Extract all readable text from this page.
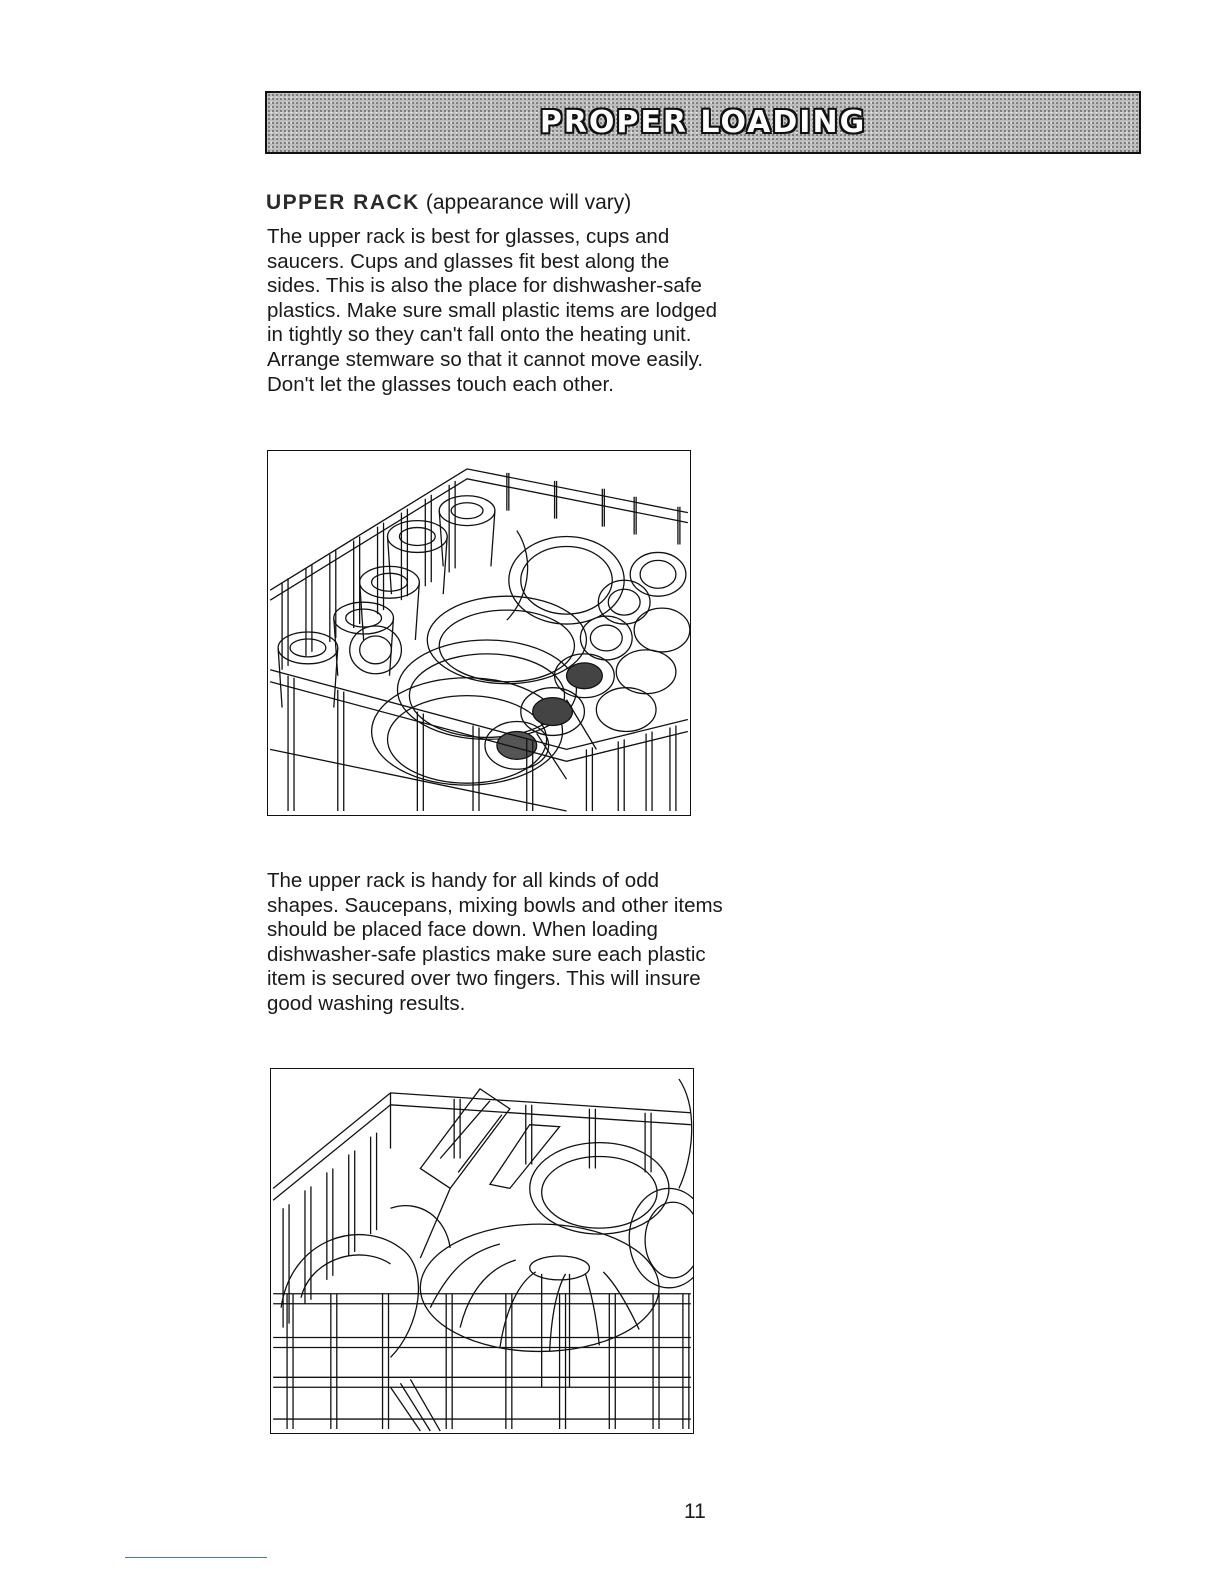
PROPER LOADING
UPPER RACK (appearance will vary)

The upper rack is best for glasses, cups and saucers. Cups and glasses fit best along the sides. This is also the place for dishwasher-safe plastics. Make sure small plastic items are lodged in tightly so they can't fall onto the heating unit. Arrange stemware so that it cannot move easily. Don't let the glasses touch each other.

The upper rack is handy for all kinds of odd shapes. Saucepans, mixing bowls and other items should be placed face down. When loading dishwasher-safe plastics make sure each plastic item is secured over two fingers. This will insure good washing results.

11
